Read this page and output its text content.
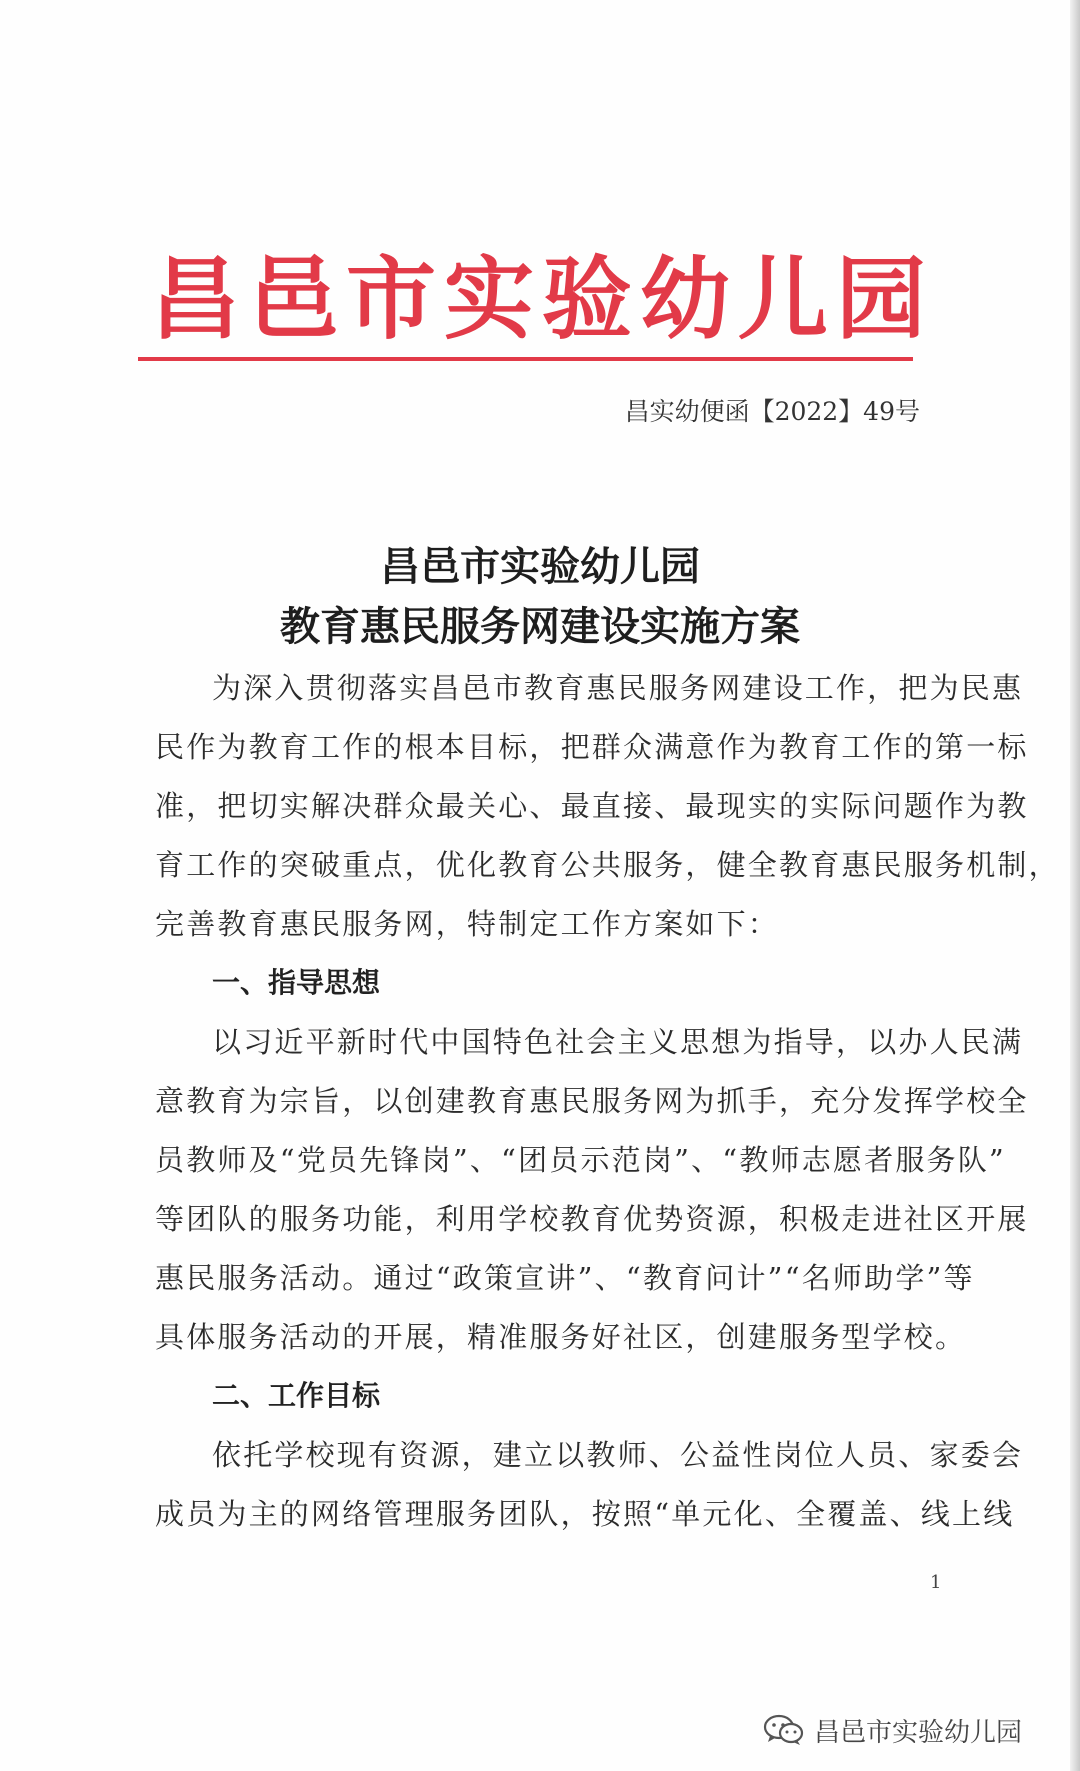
昌邑市实验幼儿园
昌实幼便函【2022】49号
昌邑市实验幼儿园
教育惠民服务网建设实施方案
为深入贯彻落实昌邑市教育惠民服务网建设工作，把为民惠
民作为教育工作的根本目标，把群众满意作为教育工作的第一标
准，把切实解决群众最关心、最直接、最现实的实际问题作为教
育工作的突破重点，优化教育公共服务，健全教育惠民服务机制，
完善教育惠民服务网，特制定工作方案如下：
一、指导思想
以习近平新时代中国特色社会主义思想为指导，以办人民满
意教育为宗旨，以创建教育惠民服务网为抓手，充分发挥学校全
员教师及“党员先锋岗”、“团员示范岗”、“教师志愿者服务队”
等团队的服务功能，利用学校教育优势资源，积极走进社区开展
惠民服务活动。通过“政策宣讲”、“教育问计”“名师助学”等
具体服务活动的开展，精准服务好社区，创建服务型学校。
二、工作目标
依托学校现有资源，建立以教师、公益性岗位人员、家委会
成员为主的网络管理服务团队，按照“单元化、全覆盖、线上线
1
昌邑市实验幼儿园
